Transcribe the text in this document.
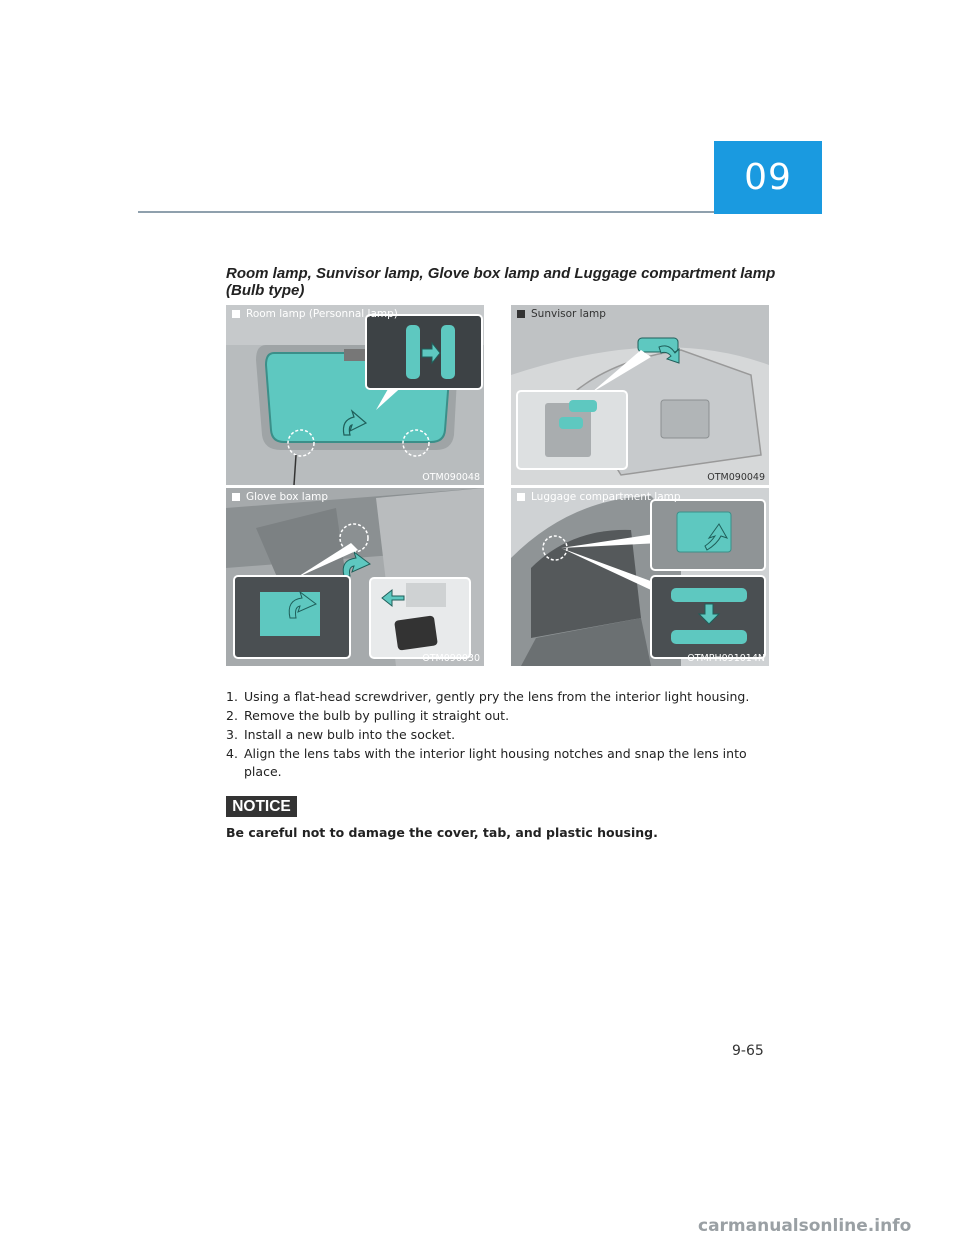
09
Room lamp, Sunvisor lamp, Glove box lamp and Luggage compartment lamp (Bulb type)
Room lamp (Personnal lamp)
OTM090048
Sunvisor lamp
OTM090049
Glove box lamp
OTM090030
Luggage compartment lamp
OTMPH091014N
1. Using a flat-head screwdriver, gently pry the lens from the interior light housing.
2. Remove the bulb by pulling it straight out.
3. Install a new bulb into the socket.
4. Align the lens tabs with the interior light housing notches and snap the lens into place.
NOTICE
Be careful not to damage the cover, tab, and plastic housing.
9-65
carmanualsonline.info
